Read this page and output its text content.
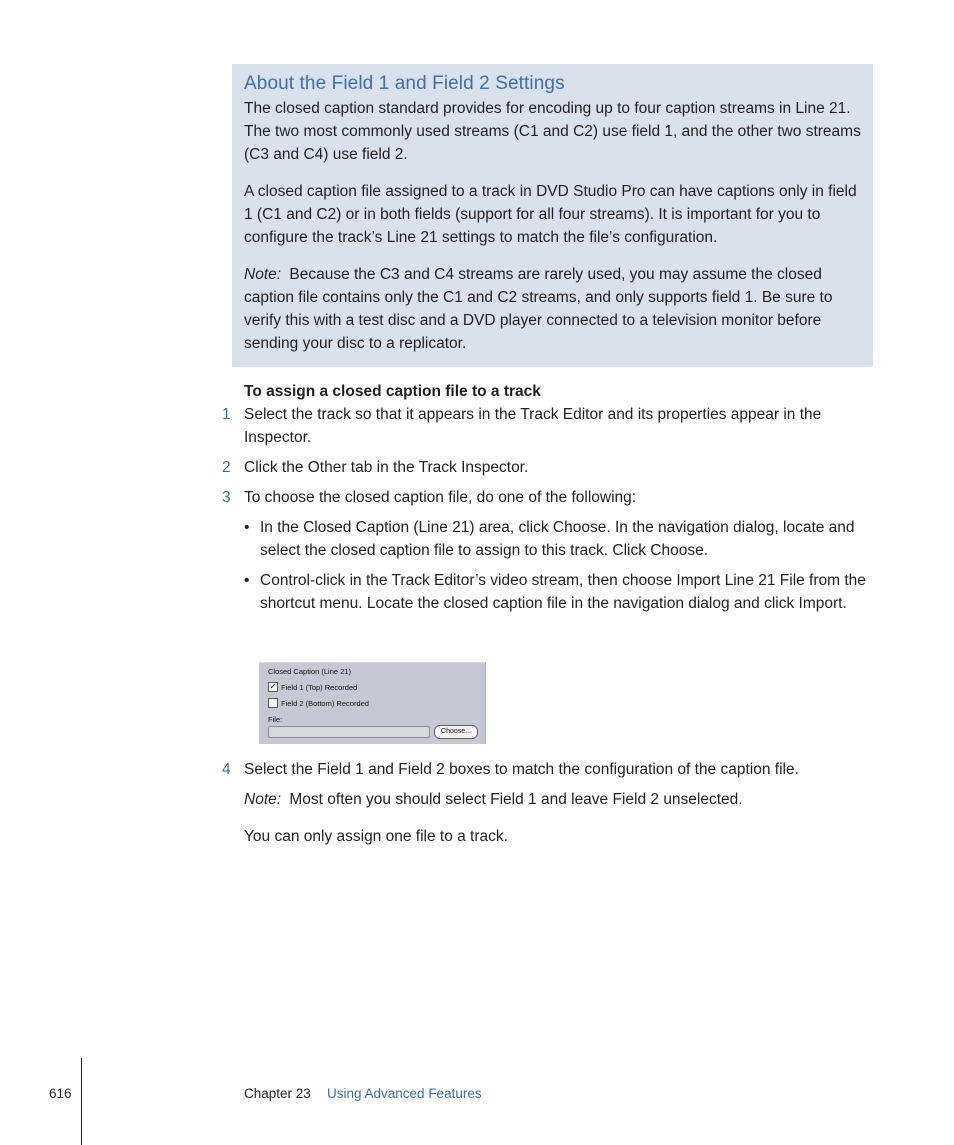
About the Field 1 and Field 2 Settings

The closed caption standard provides for encoding up to four caption streams in Line 21. The two most commonly used streams (C1 and C2) use field 1, and the other two streams (C3 and C4) use field 2.

A closed caption file assigned to a track in DVD Studio Pro can have captions only in field 1 (C1 and C2) or in both fields (support for all four streams). It is important for you to configure the track’s Line 21 settings to match the file’s configuration.

Note: Because the C3 and C4 streams are rarely used, you may assume the closed caption file contains only the C1 and C2 streams, and only supports field 1. Be sure to verify this with a test disc and a DVD player connected to a television monitor before sending your disc to a replicator.

To assign a closed caption file to a track
1 Select the track so that it appears in the Track Editor and its properties appear in the Inspector.
2 Click the Other tab in the Track Inspector.
3 To choose the closed caption file, do one of the following:
• In the Closed Caption (Line 21) area, click Choose. In the navigation dialog, locate and select the closed caption file to assign to this track. Click Choose.
• Control-click in the Track Editor’s video stream, then choose Import Line 21 File from the shortcut menu. Locate the closed caption file in the navigation dialog and click Import.
Closed Caption (Line 21)
✓ Field 1 (Top) Recorded
Field 2 (Bottom) Recorded
File:
Choose...
4 Select the Field 1 and Field 2 boxes to match the configuration of the caption file.
Note: Most often you should select Field 1 and leave Field 2 unselected.
You can only assign one file to a track.
616	Chapter 23 Using Advanced Features
